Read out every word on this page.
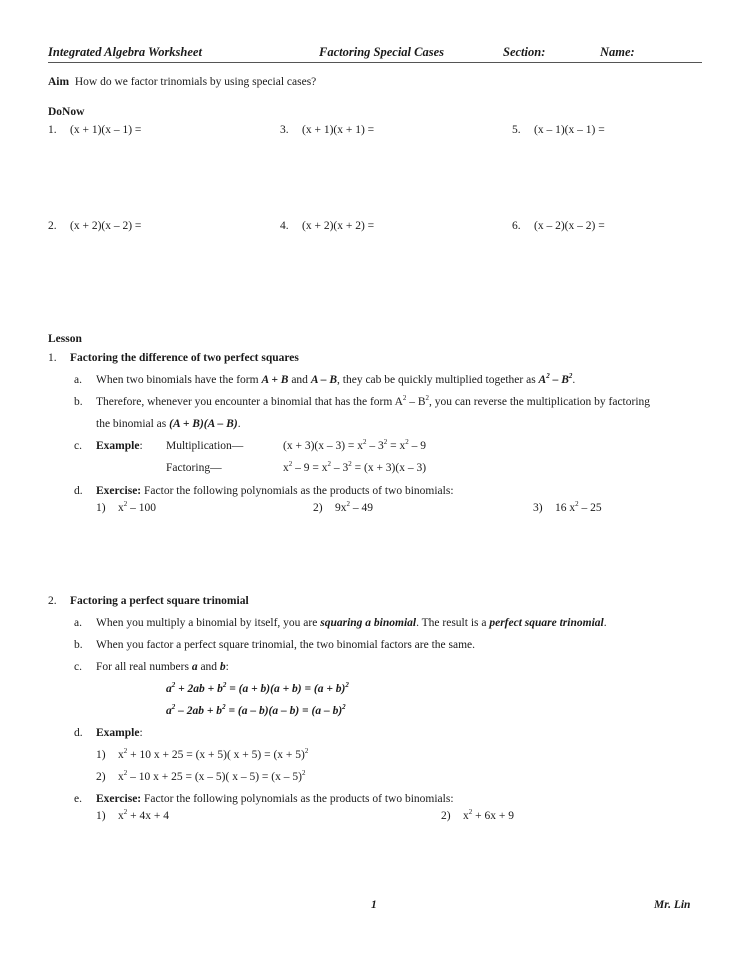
Integrated Algebra Worksheet	Factoring Special Cases	Section:	Name:
Aim How do we factor trinomials by using special cases?
DoNow
1. (x + 1)(x – 1) =
2. (x + 2)(x – 2) =
3. (x + 1)(x + 1) =
4. (x + 2)(x + 2) =
5. (x – 1)(x – 1) =
6. (x – 2)(x – 2) =
Lesson
1. Factoring the difference of two perfect squares
a. When two binomials have the form A + B and A – B, they cab be quickly multiplied together as $A^2 - B^2$.
b. Therefore, whenever you encounter a binomial that has the form $A^2 - B^2$, you can reverse the multiplication by factoring
the binomial as (A + B)(A – B).
c. Example: Multiplication—	$(x + 3)(x - 3) = x^2 - 3^2 = x^2 - 9$
Factoring—	$x^2 - 9 = x^2 - 3^2 = (x + 3)(x - 3)$
d. Exercise: Factor the following polynomials as the products of two binomials:
1) $x^2 - 100$	2) $9x^2 - 49$	3) 16 $x^2 - 25$
2. Factoring a perfect square trinomial
a. When you multiply a binomial by itself, you are squaring a binomial. The result is a perfect square trinomial.
b. When you factor a perfect square trinomial, the two binomial factors are the same.
c. For all real numbers a and b:
$a^2 + 2ab + b^2 = (a + b)(a + b) = (a + b)^2$
$a^2 - 2ab + b^2 = (a - b)(a - b) = (a - b)^2$
d. Example:
1) $x^2 + 10$ x + 25 = (x + 5)( $x + 5) = (x + 5)^2$
2) $x^2 - 10$ x + 25 = (x – 5)( x – 5) = (x – 5)$^2$
e. Exercise: Factor the following polynomials as the products of two binomials:
1) $x^2 + 4x + 4$	2) $x^2 + 6x + 9$
1	Mr. Lin
